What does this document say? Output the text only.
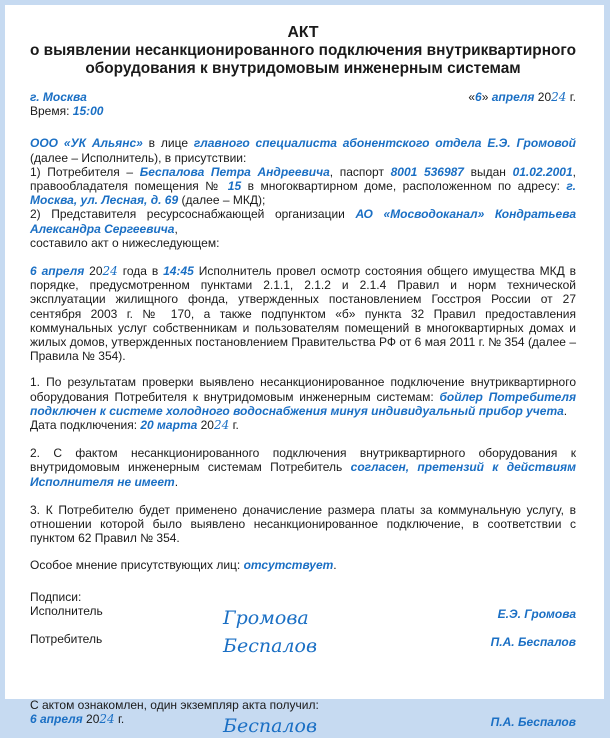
АКТ
о выявлении несанкционированного подключения внутриквартирного
оборудования к внутридомовым инженерным системам
г. Москва	«6» апреля 2024 г.
Время: 15:00

ООО «УК Альянс» в лице главного специалиста абонентского отдела Е.Э. Громовой (далее – Исполнитель), в присутствии:

1) Потребителя – Беспалова Петра Андреевича, паспорт 8001 536987 выдан 01.02.2001, правообладателя помещения № 15 в многоквартирном доме, расположенном по адресу: г. Москва, ул. Лесная, д. 69 (далее – МКД);

2) Представителя ресурсоснабжающей организации АО «Мосводоканал» Кондратьева Александра Сергеевича,

составило акт о нижеследующем:

6 апреля 2024 года в 14:45 Исполнитель провел осмотр состояния общего имущества МКД в порядке, предусмотренном пунктами 2.1.1, 2.1.2 и 2.1.4 Правил и норм технической эксплуатации жилищного фонда, утвержденных постановлением Госстроя России от 27 сентября 2003 г. № 170, а также подпунктом «б» пункта 32 Правил предоставления коммунальных услуг собственникам и пользователям помещений в многоквартирных домах и жилых домов, утвержденных постановлением Правительства РФ от 6 мая 2011 г. № 354 (далее – Правила № 354).

1. По результатам проверки выявлено несанкционированное подключение внутриквартирного оборудования Потребителя к внутридомовым инженерным системам: бойлер Потребителя подключен к системе холодного водоснабжения минуя индивидуальный прибор учета.

Дата подключения: 20 марта 2024 г.

2. С фактом несанкционированного подключения внутриквартирного оборудования к внутридомовым инженерным системам Потребитель согласен, претензий к действиям Исполнителя не имеет.

3. К Потребителю будет применено доначисление размера платы за коммунальную услугу, в отношении которой было выявлено несанкционированное подключение, в соответствии с пунктом 62 Правил № 354.

Особое мнение присутствующих лиц: отсутствует.

Подписи:

Исполнитель	Громова	Е.Э. Громова
Потребитель	Беспалов	П.А. Беспалов

С актом ознакомлен, один экземпляр акта получил:

6 апреля 2024 г.	Беспалов	П.А. Беспалов
